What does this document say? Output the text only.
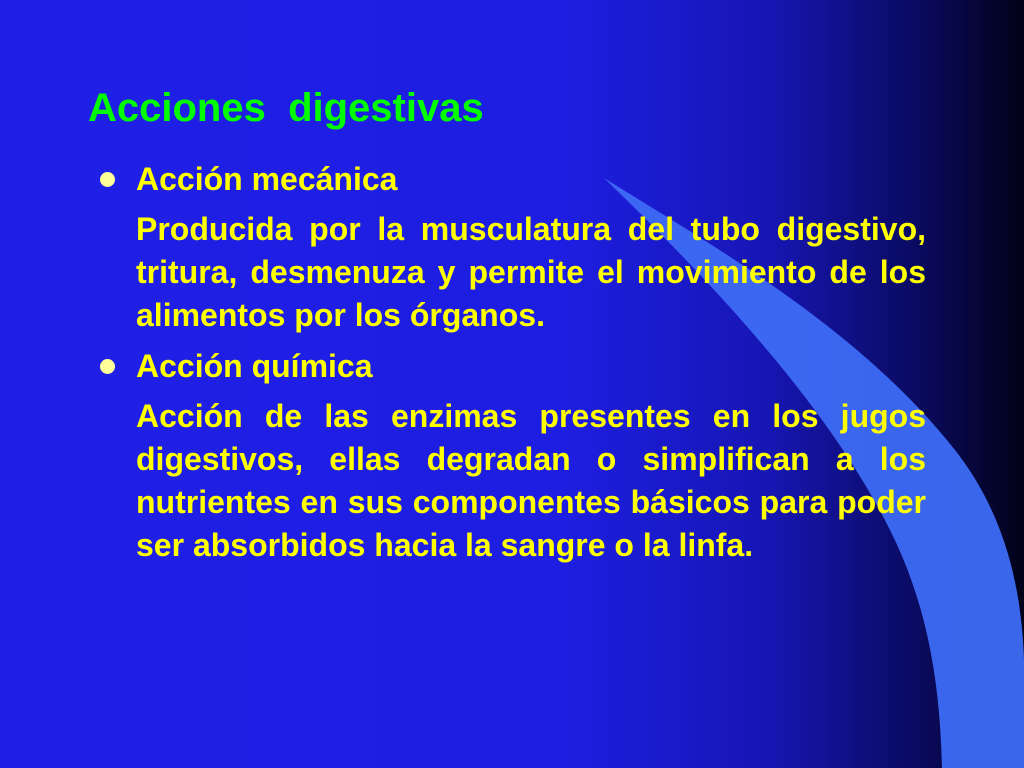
Acciones  digestivas
Acción mecánica

Producida por la musculatura del tubo digestivo, tritura, desmenuza y permite el movimiento de los alimentos por los órganos.

Acción química

Acción de las enzimas presentes en los jugos digestivos, ellas degradan o simplifican a los nutrientes en sus componentes básicos para poder ser absorbidos hacia la sangre o la linfa.
